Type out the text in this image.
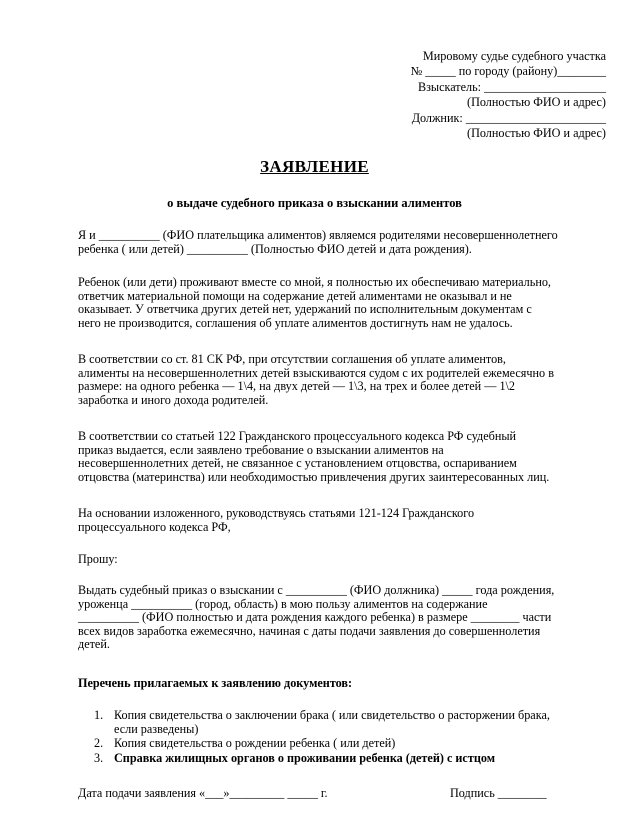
Мировому судье судебного участка
№ _____ по городу (району)________
Взыскатель: ____________________
(Полностью ФИО и адрес)
Должник: _______________________
(Полностью ФИО и адрес)
ЗАЯВЛЕНИЕ
о выдаче судебного приказа о взыскании алиментов
Я и __________ (ФИО плательщика алиментов) являемся родителями несовершеннолетнего
ребенка ( или детей) __________ (Полностью ФИО детей и дата рождения).
Ребенок (или дети) проживают вместе со мной, я полностью их обеспечиваю материально,
ответчик материальной помощи на содержание детей алиментами не оказывал и не
оказывает. У ответчика других детей нет, удержаний по исполнительным документам с
него не производится, соглашения об уплате алиментов достигнуть нам не удалось.
В соответствии со ст. 81 СК РФ, при отсутствии соглашения об уплате алиментов,
алименты на несовершеннолетних детей взыскиваются судом с их родителей ежемесячно в
размере: на одного ребенка — 1\4, на двух детей — 1\3, на трех и более детей — 1\2
заработка и иного дохода родителей.
В соответствии со статьей 122 Гражданского процессуального кодекса РФ судебный
приказ выдается, если заявлено требование о взыскании алиментов на
несовершеннолетних детей, не связанное с установлением отцовства, оспариванием
отцовства (материнства) или необходимостью привлечения других заинтересованных лиц.
На основании изложенного, руководствуясь статьями 121-124 Гражданского
процессуального кодекса РФ,
Прошу:
Выдать судебный приказ о взыскании с __________ (ФИО должника) _____ года рождения,
уроженца __________ (город, область) в мою пользу алиментов на содержание
__________ (ФИО полностью и дата рождения каждого ребенка) в размере ________ части
всех видов заработка ежемесячно, начиная с даты подачи заявления до совершеннолетия
детей.
Перечень прилагаемых к заявлению документов:
1. Копия свидетельства о заключении брака ( или свидетельство о расторжении брака,
если разведены)
2. Копия свидетельства о рождении ребенка ( или детей)
3. Справка жилищных органов о проживании ребенка (детей) с истцом
Дата подачи заявления «___»_________ _____ г.	Подпись ________
